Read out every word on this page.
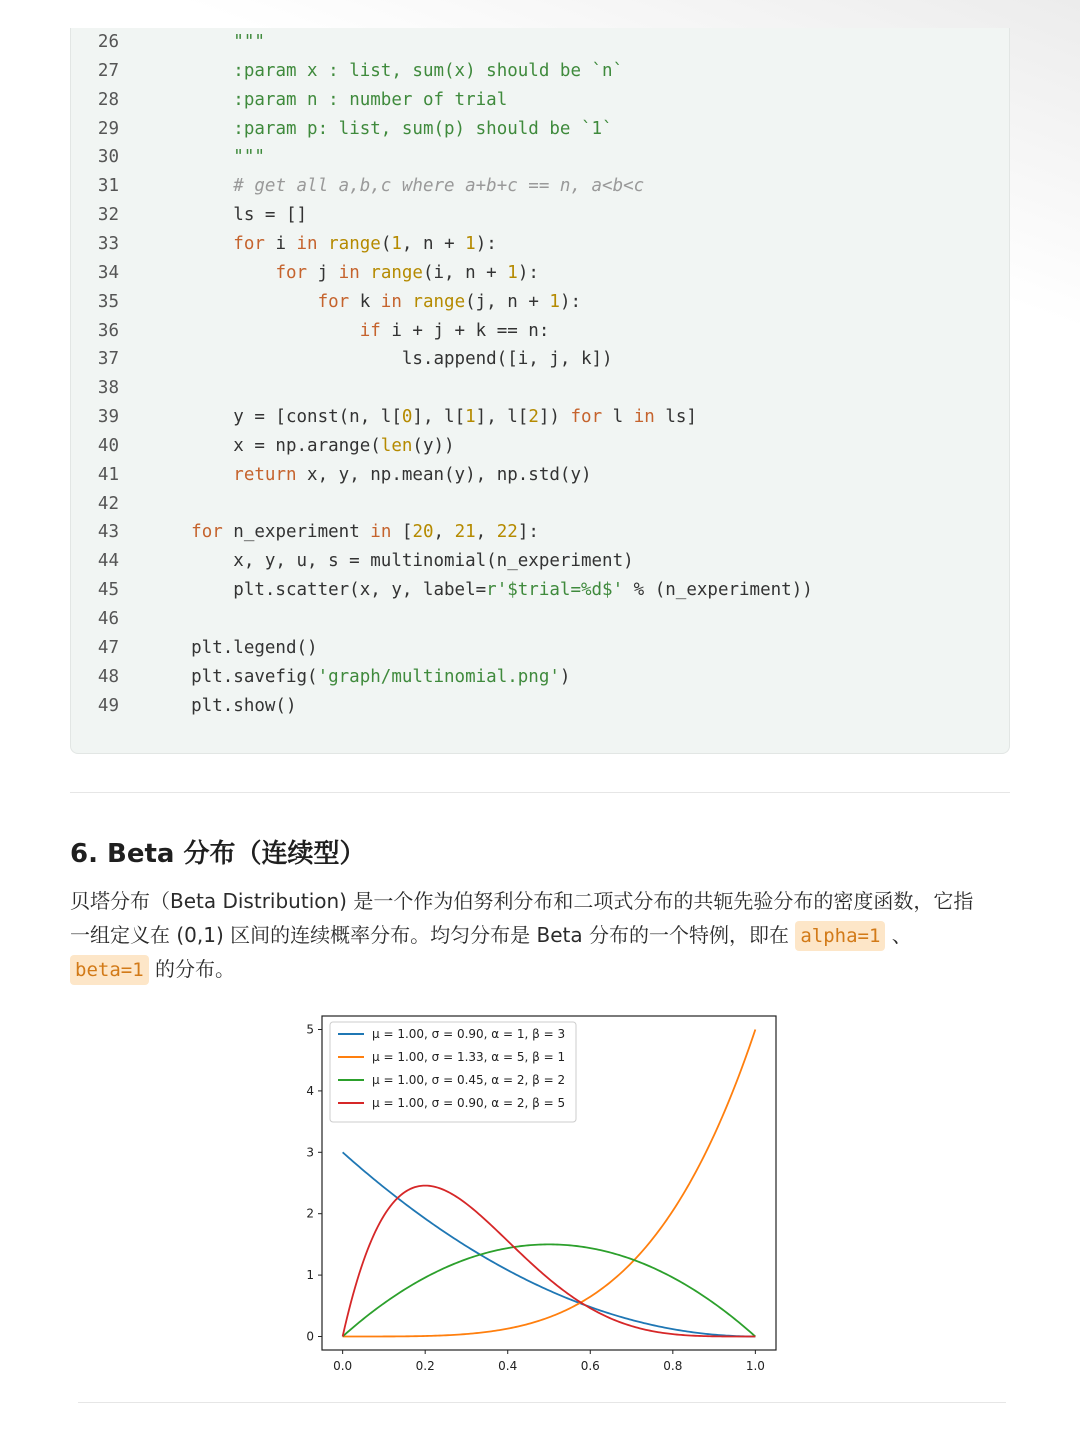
26	"""
27	:param x : list, sum(x) should be `n`
28	:param n : number of trial
29	:param p: list, sum(p) should be `1`
30	"""
31	# get all a,b,c where a+b+c == n, a<b<c
32        ls = []
33	for i in range(1, n + 1):
34	for j in range(i, n + 1):
35	for k in range(j, n + 1):
36	if i + j + k == n:
37                        ls.append([i, j, k])
38
39        y = [const(n, l[0], l[1], l[2]) for l in ls]
40        x = np.arange(len(y))
41	return x, y, np.mean(y), np.std(y)
42
43	for n_experiment in [20, 21, 22]:
44        x, y, u, s = multinomial(n_experiment)
45        plt.scatter(x, y, label=r'$trial=%d$' % (n_experiment))
46
47    plt.legend()
48    plt.savefig('graph/multinomial.png')
49    plt.show()
6. Beta 分布（连续型）
贝塔分布（Beta Distribution) 是一个作为伯努利分布和二项式分布的共轭先验分布的密度函数，它指
一组定义在 (0,1) 区间的连续概率分布。均匀分布是 Beta 分布的一个特例，即在 alpha=1 、
beta=1 的分布。
0.0	0.2	0.4	0.6	0.8	1.0
0
1
2
3
4
5	μ = 1.00, σ = 0.90, α = 1, β = 3
μ = 1.00, σ = 1.33, α = 5, β = 1
μ = 1.00, σ = 0.45, α = 2, β = 2
μ = 1.00, σ = 0.90, α = 2, β = 5
